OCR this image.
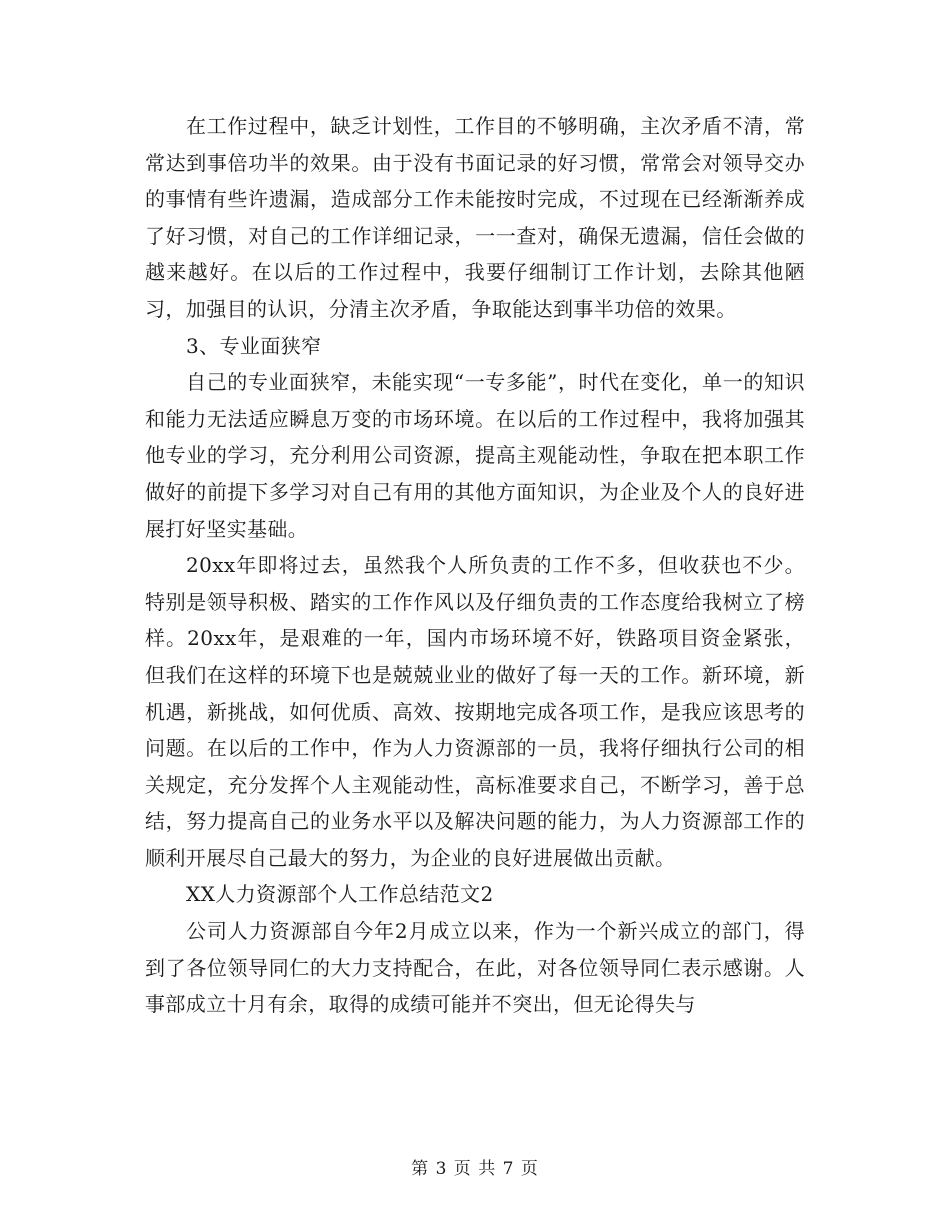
在工作过程中，缺乏计划性，工作目的不够明确，主次矛盾不清，常常达到事倍功半的效果。由于没有书面记录的好习惯，常常会对领导交办的事情有些许遗漏，造成部分工作未能按时完成，不过现在已经渐渐养成了好习惯，对自己的工作详细记录，一一查对，确保无遗漏，信任会做的越来越好。在以后的工作过程中，我要仔细制订工作计划，去除其他陋习，加强目的认识，分清主次矛盾，争取能达到事半功倍的效果。

3、专业面狭窄

自己的专业面狭窄，未能实现“一专多能”，时代在变化，单一的知识和能力无法适应瞬息万变的市场环境。在以后的工作过程中，我将加强其他专业的学习，充分利用公司资源，提高主观能动性，争取在把本职工作做好的前提下多学习对自己有用的其他方面知识，为企业及个人的良好进展打好坚实基础。

20xx年即将过去，虽然我个人所负责的工作不多，但收获也不少。特别是领导积极、踏实的工作作风以及仔细负责的工作态度给我树立了榜样。20xx年，是艰难的一年，国内市场环境不好，铁路项目资金紧张，但我们在这样的环境下也是兢兢业业的做好了每一天的工作。新环境，新机遇，新挑战，如何优质、高效、按期地完成各项工作，是我应该思考的问题。在以后的工作中，作为人力资源部的一员，我将仔细执行公司的相关规定，充分发挥个人主观能动性，高标准要求自己，不断学习，善于总结，努力提高自己的业务水平以及解决问题的能力，为人力资源部工作的顺利开展尽自己最大的努力，为企业的良好进展做出贡献。

XX人力资源部个人工作总结范文2

公司人力资源部自今年2月成立以来，作为一个新兴成立的部门，得到了各位领导同仁的大力支持配合，在此，对各位领导同仁表示感谢。人事部成立十月有余，取得的成绩可能并不突出，但无论得失与

第 3 页 共 7 页
